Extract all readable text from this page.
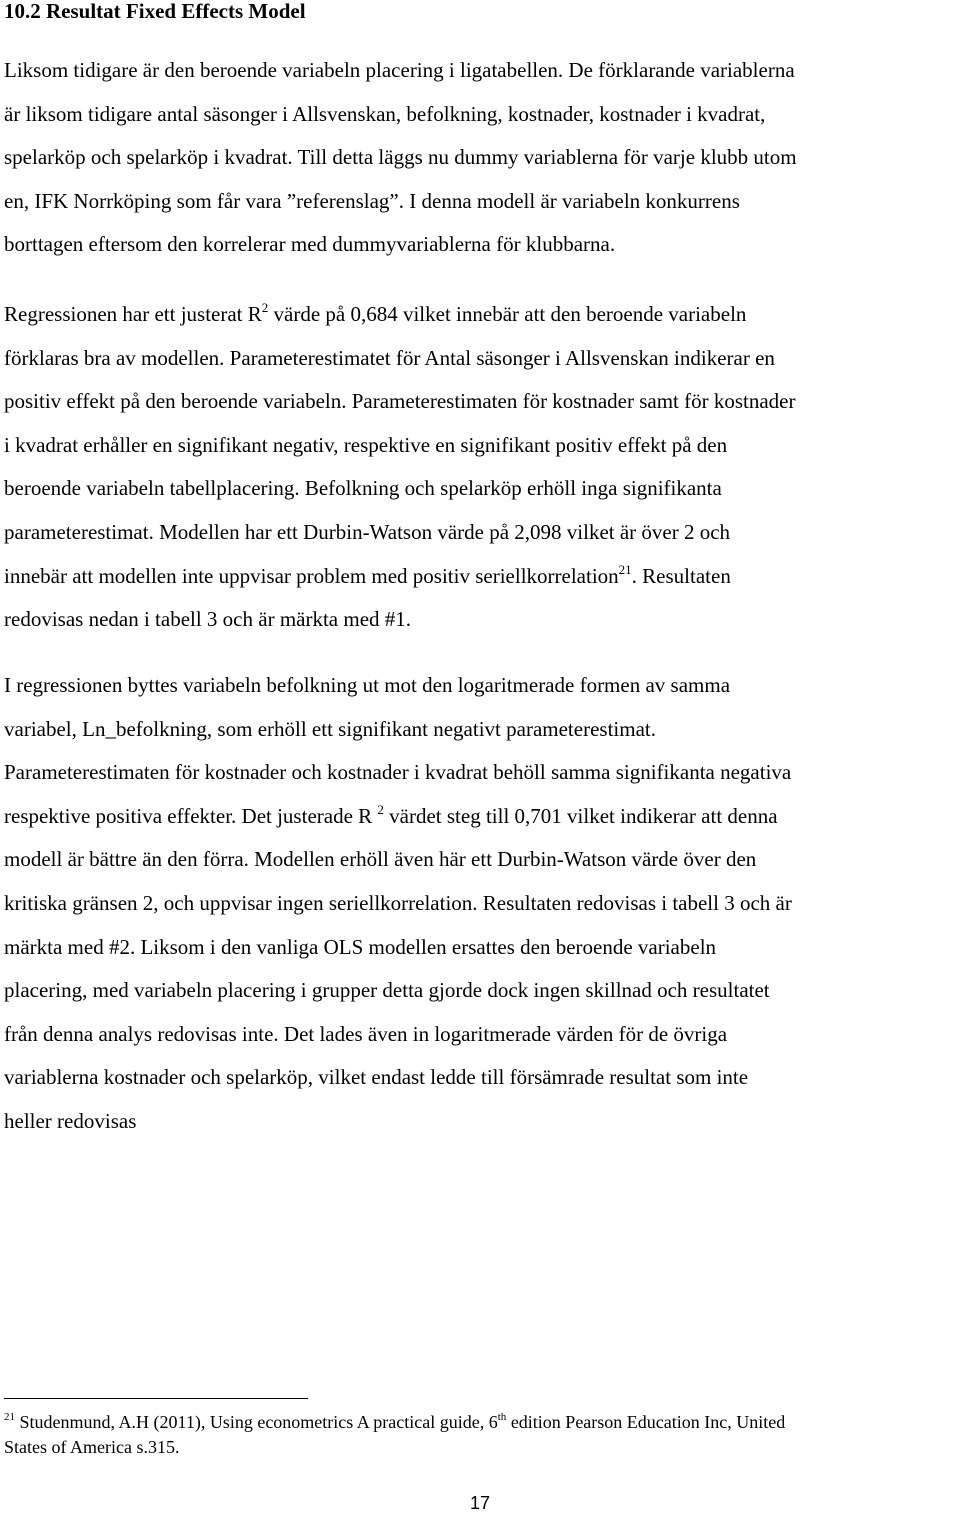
10.2 Resultat Fixed Effects Model
Liksom tidigare är den beroende variabeln placering i ligatabellen. De förklarande variablerna
är liksom tidigare antal säsonger i Allsvenskan, befolkning, kostnader, kostnader i kvadrat,
spelarköp och spelarköp i kvadrat. Till detta läggs nu dummy variablerna för varje klubb utom
en, IFK Norrköping som får vara ”referenslag”. I denna modell är variabeln konkurrens
borttagen eftersom den korrelerar med dummyvariablerna för klubbarna.
Regressionen har ett justerat $R^2$ värde på 0,684 vilket innebär att den beroende variabeln
förklaras bra av modellen. Parameterestimatet för Antal säsonger i Allsvenskan indikerar en
positiv effekt på den beroende variabeln. Parameterestimaten för kostnader samt för kostnader
i kvadrat erhåller en signifikant negativ, respektive en signifikant positiv effekt på den
beroende variabeln tabellplacering. Befolkning och spelarköp erhöll inga signifikanta
parameterestimat. Modellen har ett Durbin-Watson värde på 2,098 vilket är över 2 och
innebär att modellen inte uppvisar problem med positiv seriellkorrelation$^{21}$. Resultaten
redovisas nedan i tabell 3 och är märkta med #1.
I regressionen byttes variabeln befolkning ut mot den logaritmerade formen av samma
variabel, Ln_befolkning, som erhöll ett signifikant negativt parameterestimat.
Parameterestimaten för kostnader och kostnader i kvadrat behöll samma signifikanta negativa
respektive positiva effekter. Det justerade R $^2$ värdet steg till 0,701 vilket indikerar att denna
modell är bättre än den förra. Modellen erhöll även här ett Durbin-Watson värde över den
kritiska gränsen 2, och uppvisar ingen seriellkorrelation. Resultaten redovisas i tabell 3 och är
märkta med #2. Liksom i den vanliga OLS modellen ersattes den beroende variabeln
placering, med variabeln placering i grupper detta gjorde dock ingen skillnad och resultatet
från denna analys redovisas inte. Det lades även in logaritmerade värden för de övriga
variablerna kostnader och spelarköp, vilket endast ledde till försämrade resultat som inte
heller redovisas
$^{21}$ Studenmund, A.H (2011), Using econometrics A practical guide, 6th edition Pearson Education Inc, United
States of America s.315.
17
